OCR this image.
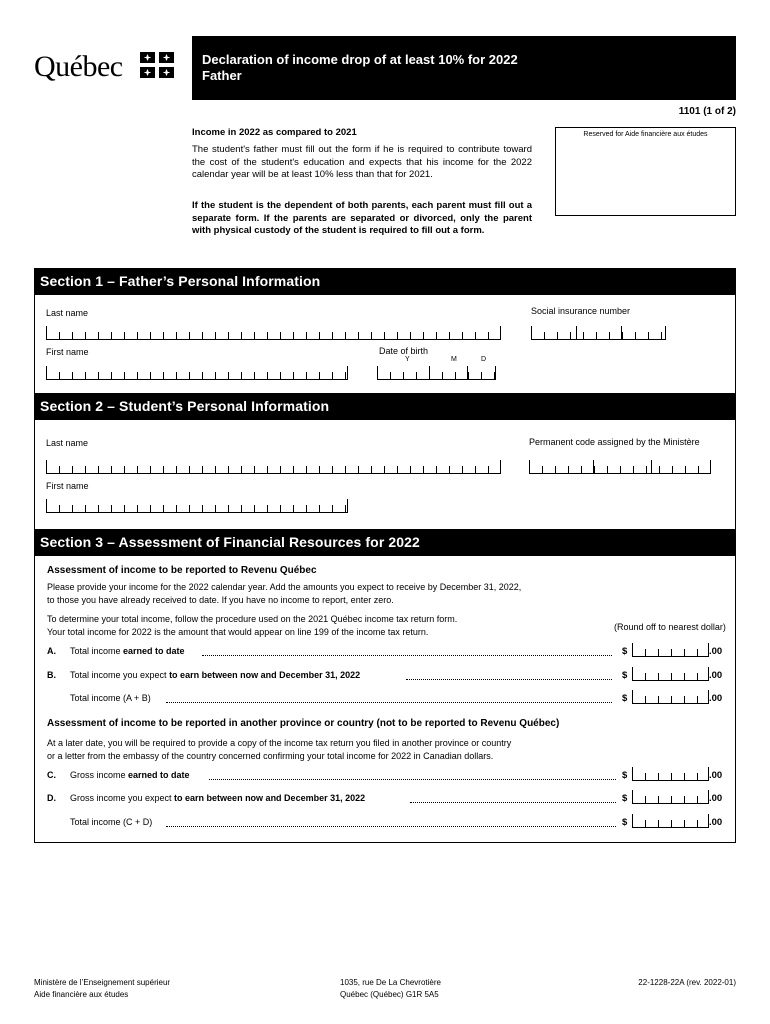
Québec	Declaration of income drop of at least 10% for 2022
Father
1101 (1 of 2)
Income in 2022 as compared to 2021
The student's father must fill out the form if he is required to contribute toward the cost of the student's education and expects that his income for the 2022 calendar year will be at least 10% less than that for 2021.
If the student is the dependent of both parents, each parent must fill out a separate form. If the parents are separated or divorced, only the parent with physical custody of the student is required to fill out a form.
Reserved for Aide financière aux études
Section 1 – Father’s Personal Information
Last name	Social insurance number
First name	Date of birth
Y	M	D
Section 2 – Student’s Personal Information
Last name	Permanent code assigned by the Ministère
First name
Section 3 – Assessment of Financial Resources for 2022
Assessment of income to be reported to Revenu Québec
Please provide your income for the 2022 calendar year. Add the amounts you expect to receive by December 31, 2022,
to those you have already received to date. If you have no income to report, enter zero.
To determine your total income, follow the procedure used on the 2021 Québec income tax return form.
Your total income for 2022 is the amount that would appear on line 199 of the income tax return.	(Round off to nearest dollar)
A. Total income earned to date	$	.00
B. Total income you expect to earn between now and December 31, 2022	$	.00
Total income (A + B)	$	.00
Assessment of income to be reported in another province or country (not to be reported to Revenu Québec)
At a later date, you will be required to provide a copy of the income tax return you filed in another province or country
or a letter from the embassy of the country concerned confirming your total income for 2022 in Canadian dollars.
C. Gross income earned to date	$	.00
D. Gross income you expect to earn between now and December 31, 2022	$	.00
Total income (C + D)	$	.00
Ministère de l’Enseignement supérieur
Aide financière aux études
1035, rue De La Chevrotière
Québec (Québec) G1R 5A5
22-1228-22A (rev. 2022-01)
